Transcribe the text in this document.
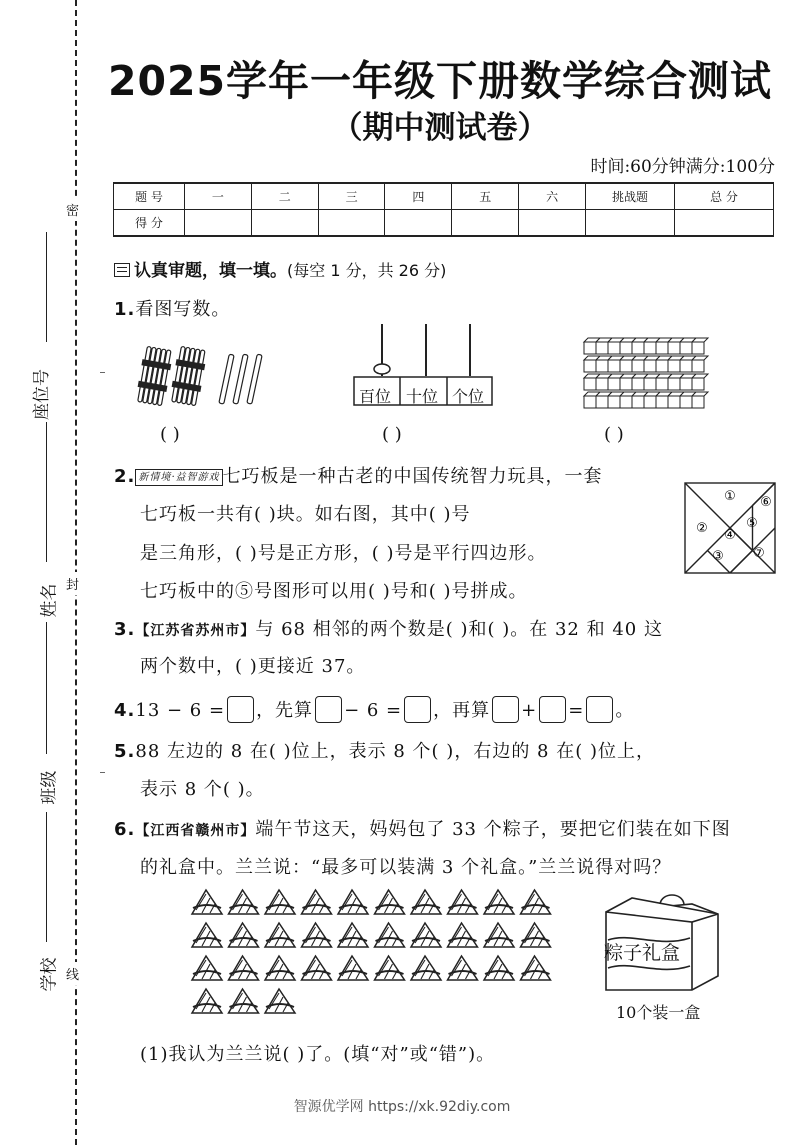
密
封
线
座位号
姓名
班级
学校
2025学年一年级下册数学综合测试
（期中测试卷）
时间:60分钟满分:100分
题 号	一	二	三	四	五	六	挑战题	总 分
得 分								
认真审题，填一填。(每空 1 分，共 26 分)
1.看图写数。
百位 十位 个位
( )	( )	( )
2. 新情境·益智游戏 七巧板是一种古老的中国传统智力玩具，一套
七巧板一共有( )块。如右图，其中( )号
是三角形，( )号是正方形，( )号是平行四边形。
七巧板中的⑤号图形可以用( )号和( )号拼成。
①
②
③
④
⑤
⑥
⑦
3.【江苏省苏州市】与 68 相邻的两个数是( )和( )。在 32 和 40 这
两个数中，( )更接近 37。
4.13 − 6 = ，先算 − 6 = ，再算 + = 。
5.88 左边的 8 在( )位上，表示 8 个( )，右边的 8 在( )位上，
表示 8 个( )。
6.【江西省赣州市】端午节这天，妈妈包了 33 个粽子，要把它们装在如下图
的礼盒中。兰兰说：“最多可以装满 3 个礼盒。”兰兰说得对吗？
粽子礼盒
10个装一盒
(1)我认为兰兰说( )了。(填“对”或“错”)。
智源优学网 https://xk.92diy.com
